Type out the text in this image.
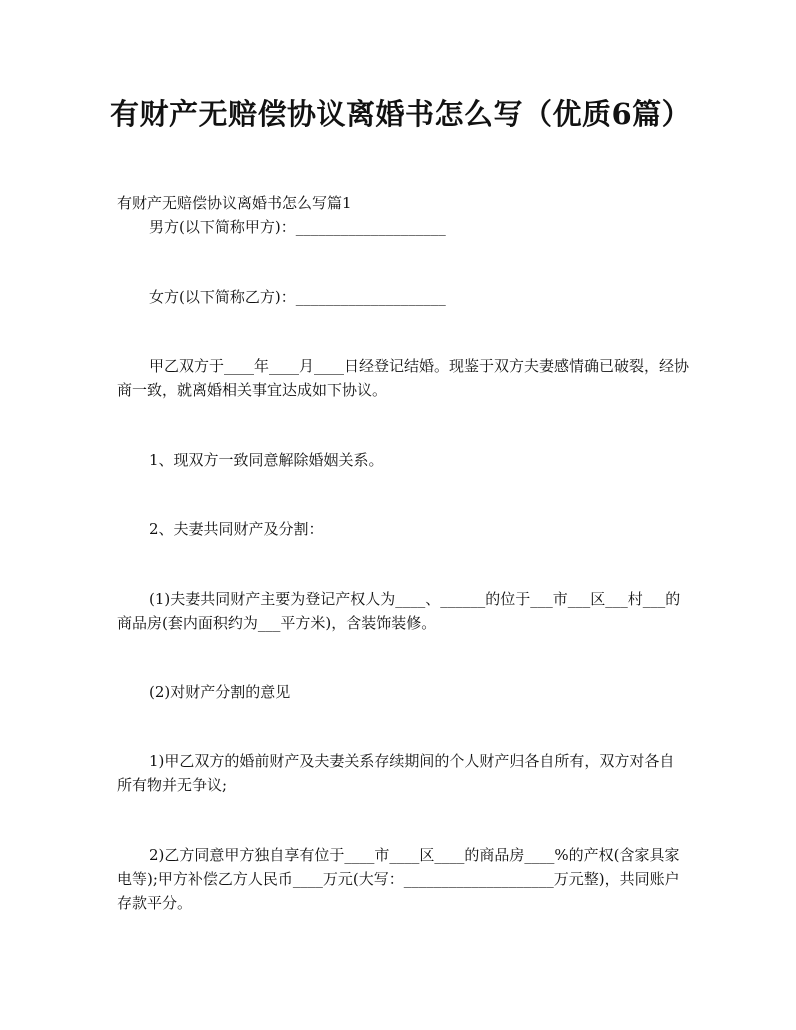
有财产无赔偿协议离婚书怎么写（优质6篇）
有财产无赔偿协议离婚书怎么写篇1
男方(以下简称甲方)：____________________
女方(以下简称乙方)：____________________
甲乙双方于____年____月____日经登记结婚。现鉴于双方夫妻感情确已破裂，经协商一致，就离婚相关事宜达成如下协议。
1、现双方一致同意解除婚姻关系。
2、夫妻共同财产及分割：
(1)夫妻共同财产主要为登记产权人为____、______的位于___市___区___村___的商品房(套内面积约为___平方米)，含装饰装修。
(2)对财产分割的意见
1)甲乙双方的婚前财产及夫妻关系存续期间的个人财产归各自所有，双方对各自所有物并无争议;
2)乙方同意甲方独自享有位于____市____区____的商品房____%的产权(含家具家电等);甲方补偿乙方人民币____万元(大写：____________________万元整)，共同账户存款平分。
